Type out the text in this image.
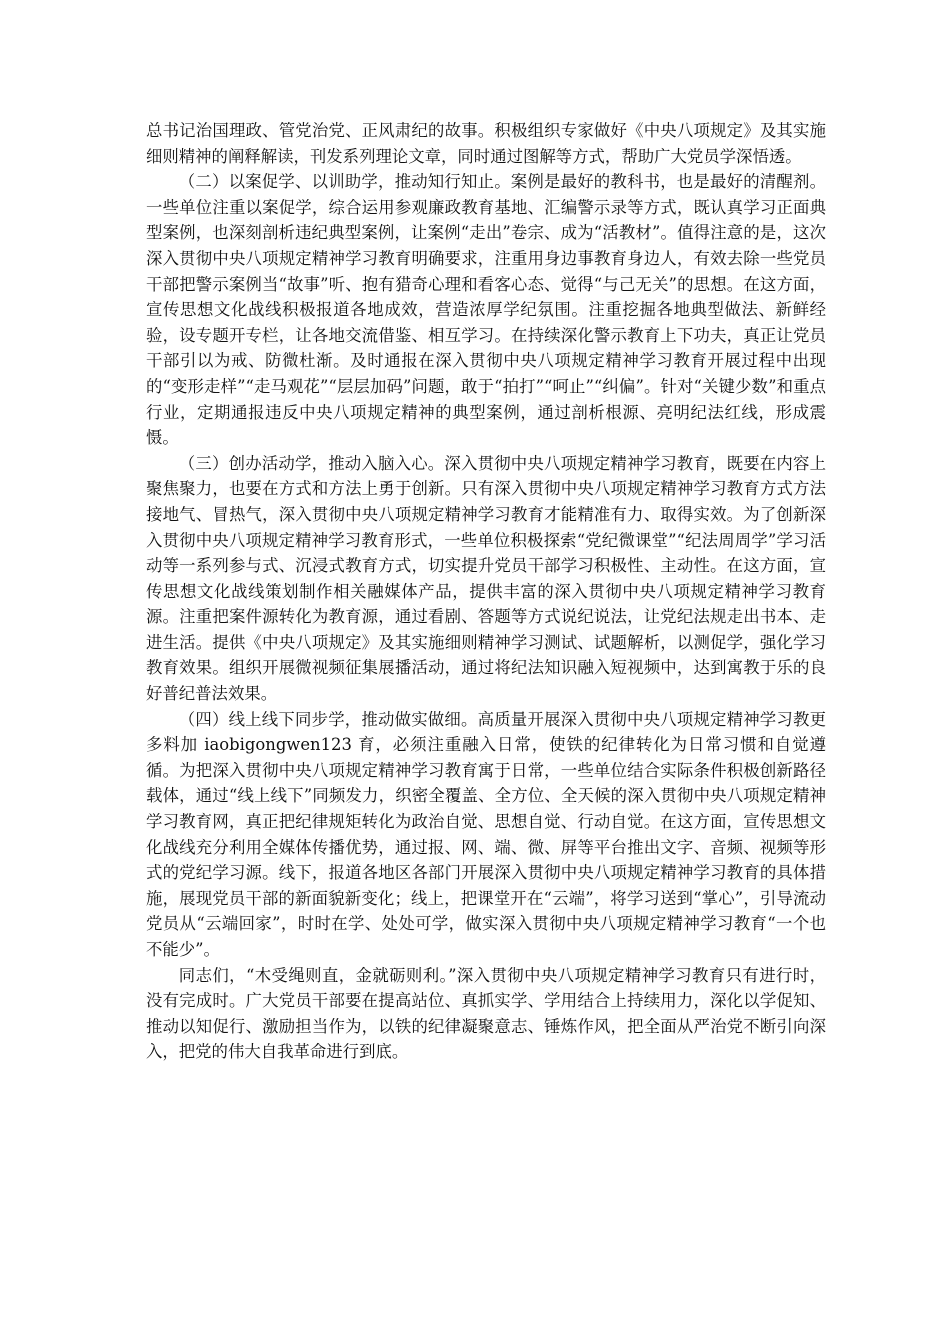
总书记治国理政、管党治党、正风肃纪的故事。积极组织专家做好《中央八项规定》及其实施细则精神的阐释解读，刊发系列理论文章，同时通过图解等方式，帮助广大党员学深悟透。

（二）以案促学、以训助学，推动知行知止。案例是最好的教科书，也是最好的清醒剂。一些单位注重以案促学，综合运用参观廉政教育基地、汇编警示录等方式，既认真学习正面典型案例，也深刻剖析违纪典型案例，让案例“走出”卷宗、成为“活教材”。值得注意的是，这次深入贯彻中央八项规定精神学习教育明确要求，注重用身边事教育身边人，有效去除一些党员干部把警示案例当“故事”听、抱有猎奇心理和看客心态、觉得“与己无关”的思想。在这方面，宣传思想文化战线积极报道各地成效，营造浓厚学纪氛围。注重挖掘各地典型做法、新鲜经验，设专题开专栏，让各地交流借鉴、相互学习。在持续深化警示教育上下功夫，真正让党员干部引以为戒、防微杜渐。及时通报在深入贯彻中央八项规定精神学习教育开展过程中出现的“变形走样”“走马观花”“层层加码”问题，敢于“拍打”“呵止”“纠偏”。针对“关键少数”和重点行业，定期通报违反中央八项规定精神的典型案例，通过剖析根源、亮明纪法红线，形成震慑。

（三）创办活动学，推动入脑入心。深入贯彻中央八项规定精神学习教育，既要在内容上聚焦聚力，也要在方式和方法上勇于创新。只有深入贯彻中央八项规定精神学习教育方式方法接地气、冒热气，深入贯彻中央八项规定精神学习教育才能精准有力、取得实效。为了创新深入贯彻中央八项规定精神学习教育形式，一些单位积极探索“党纪微课堂”“纪法周周学”学习活动等一系列参与式、沉浸式教育方式，切实提升党员干部学习积极性、主动性。在这方面，宣传思想文化战线策划制作相关融媒体产品，提供丰富的深入贯彻中央八项规定精神学习教育源。注重把案件源转化为教育源，通过看剧、答题等方式说纪说法，让党纪法规走出书本、走进生活。提供《中央八项规定》及其实施细则精神学习测试、试题解析，以测促学，强化学习教育效果。组织开展微视频征集展播活动，通过将纪法知识融入短视频中，达到寓教于乐的良好普纪普法效果。

（四）线上线下同步学，推动做实做细。高质量开展深入贯彻中央八项规定精神学习教更多料加 iaobigongwen123 育，必须注重融入日常，使铁的纪律转化为日常习惯和自觉遵循。为把深入贯彻中央八项规定精神学习教育寓于日常，一些单位结合实际条件积极创新路径载体，通过“线上线下”同频发力，织密全覆盖、全方位、全天候的深入贯彻中央八项规定精神学习教育网，真正把纪律规矩转化为政治自觉、思想自觉、行动自觉。在这方面，宣传思想文化战线充分利用全媒体传播优势，通过报、网、端、微、屏等平台推出文字、音频、视频等形式的党纪学习源。线下，报道各地区各部门开展深入贯彻中央八项规定精神学习教育的具体措施，展现党员干部的新面貌新变化；线上，把课堂开在“云端”，将学习送到“掌心”，引导流动党员从“云端回家”，时时在学、处处可学，做实深入贯彻中央八项规定精神学习教育“一个也不能少”。

同志们，“木受绳则直，金就砺则利。”深入贯彻中央八项规定精神学习教育只有进行时，没有完成时。广大党员干部要在提高站位、真抓实学、学用结合上持续用力，深化以学促知、推动以知促行、激励担当作为，以铁的纪律凝聚意志、锤炼作风，把全面从严治党不断引向深入，把党的伟大自我革命进行到底。
